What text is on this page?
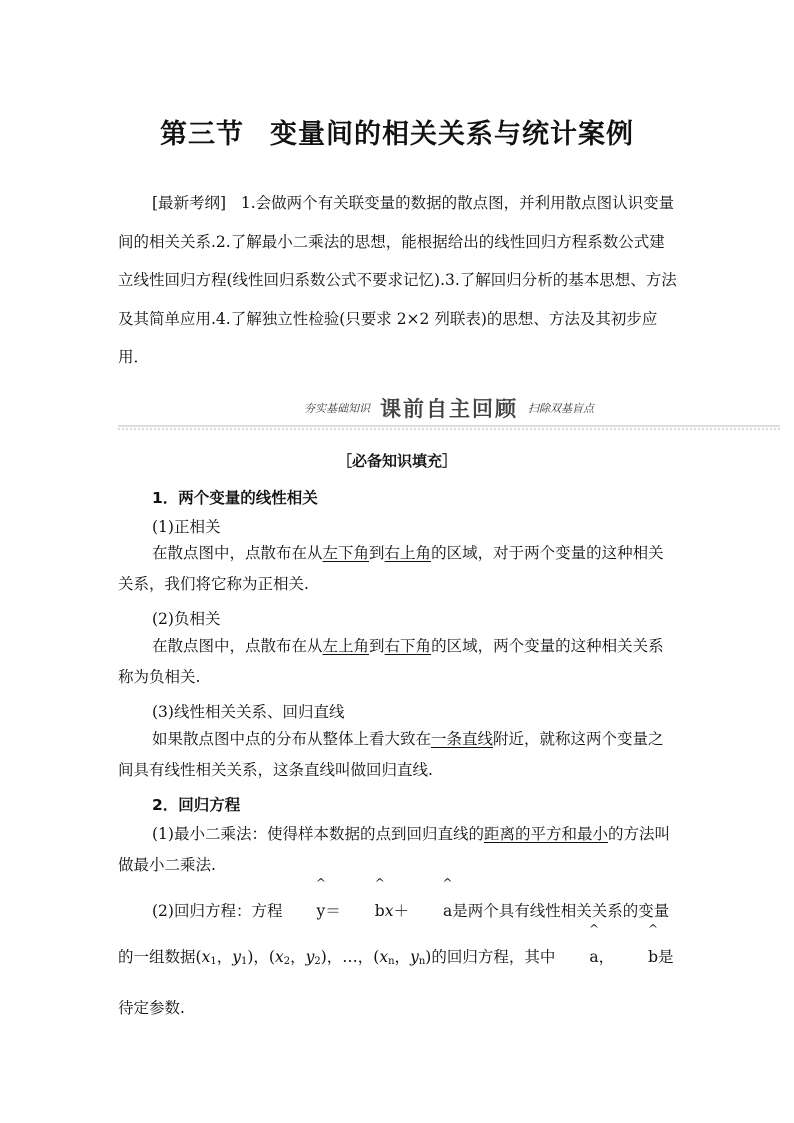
第三节 变量间的相关关系与统计案例

[最新考纲] 1.会做两个有关联变量的数据的散点图，并利用散点图认识变量间的相关关系.2.了解最小二乘法的思想，能根据给出的线性回归方程系数公式建立线性回归方程(线性回归系数公式不要求记忆).3.了解回归分析的基本思想、方法及其简单应用.4.了解独立性检验(只要求 2×2 列联表)的思想、方法及其初步应用．

夯实基础知识 课前自主回顾 扫除双基盲点
［必备知识填充］

1．两个变量的线性相关

(1)正相关

在散点图中，点散布在从左下角到右上角的区域，对于两个变量的这种相关关系，我们将它称为正相关.

(2)负相关

在散点图中，点散布在从左上角到右下角的区域，两个变量的这种相关关系称为负相关.

(3)线性相关关系、回归直线

如果散点图中点的分布从整体上看大致在一条直线附近，就称这两个变量之间具有线性相关关系，这条直线叫做回归直线.

2．回归方程

(1)最小二乘法：使得样本数据的点到回归直线的距离的平方和最小的方法叫做最小二乘法.

(2)回归方程：方程 ^ y＝ ^ bx＋ ^ a是两个具有线性相关关系的变量的一组数据($x_1$，$y_1$)，($x_2$，$y_2$)，…，($x_n$，$y_n$)的回归方程，其中 ^ a， ^ b是待定参数.
